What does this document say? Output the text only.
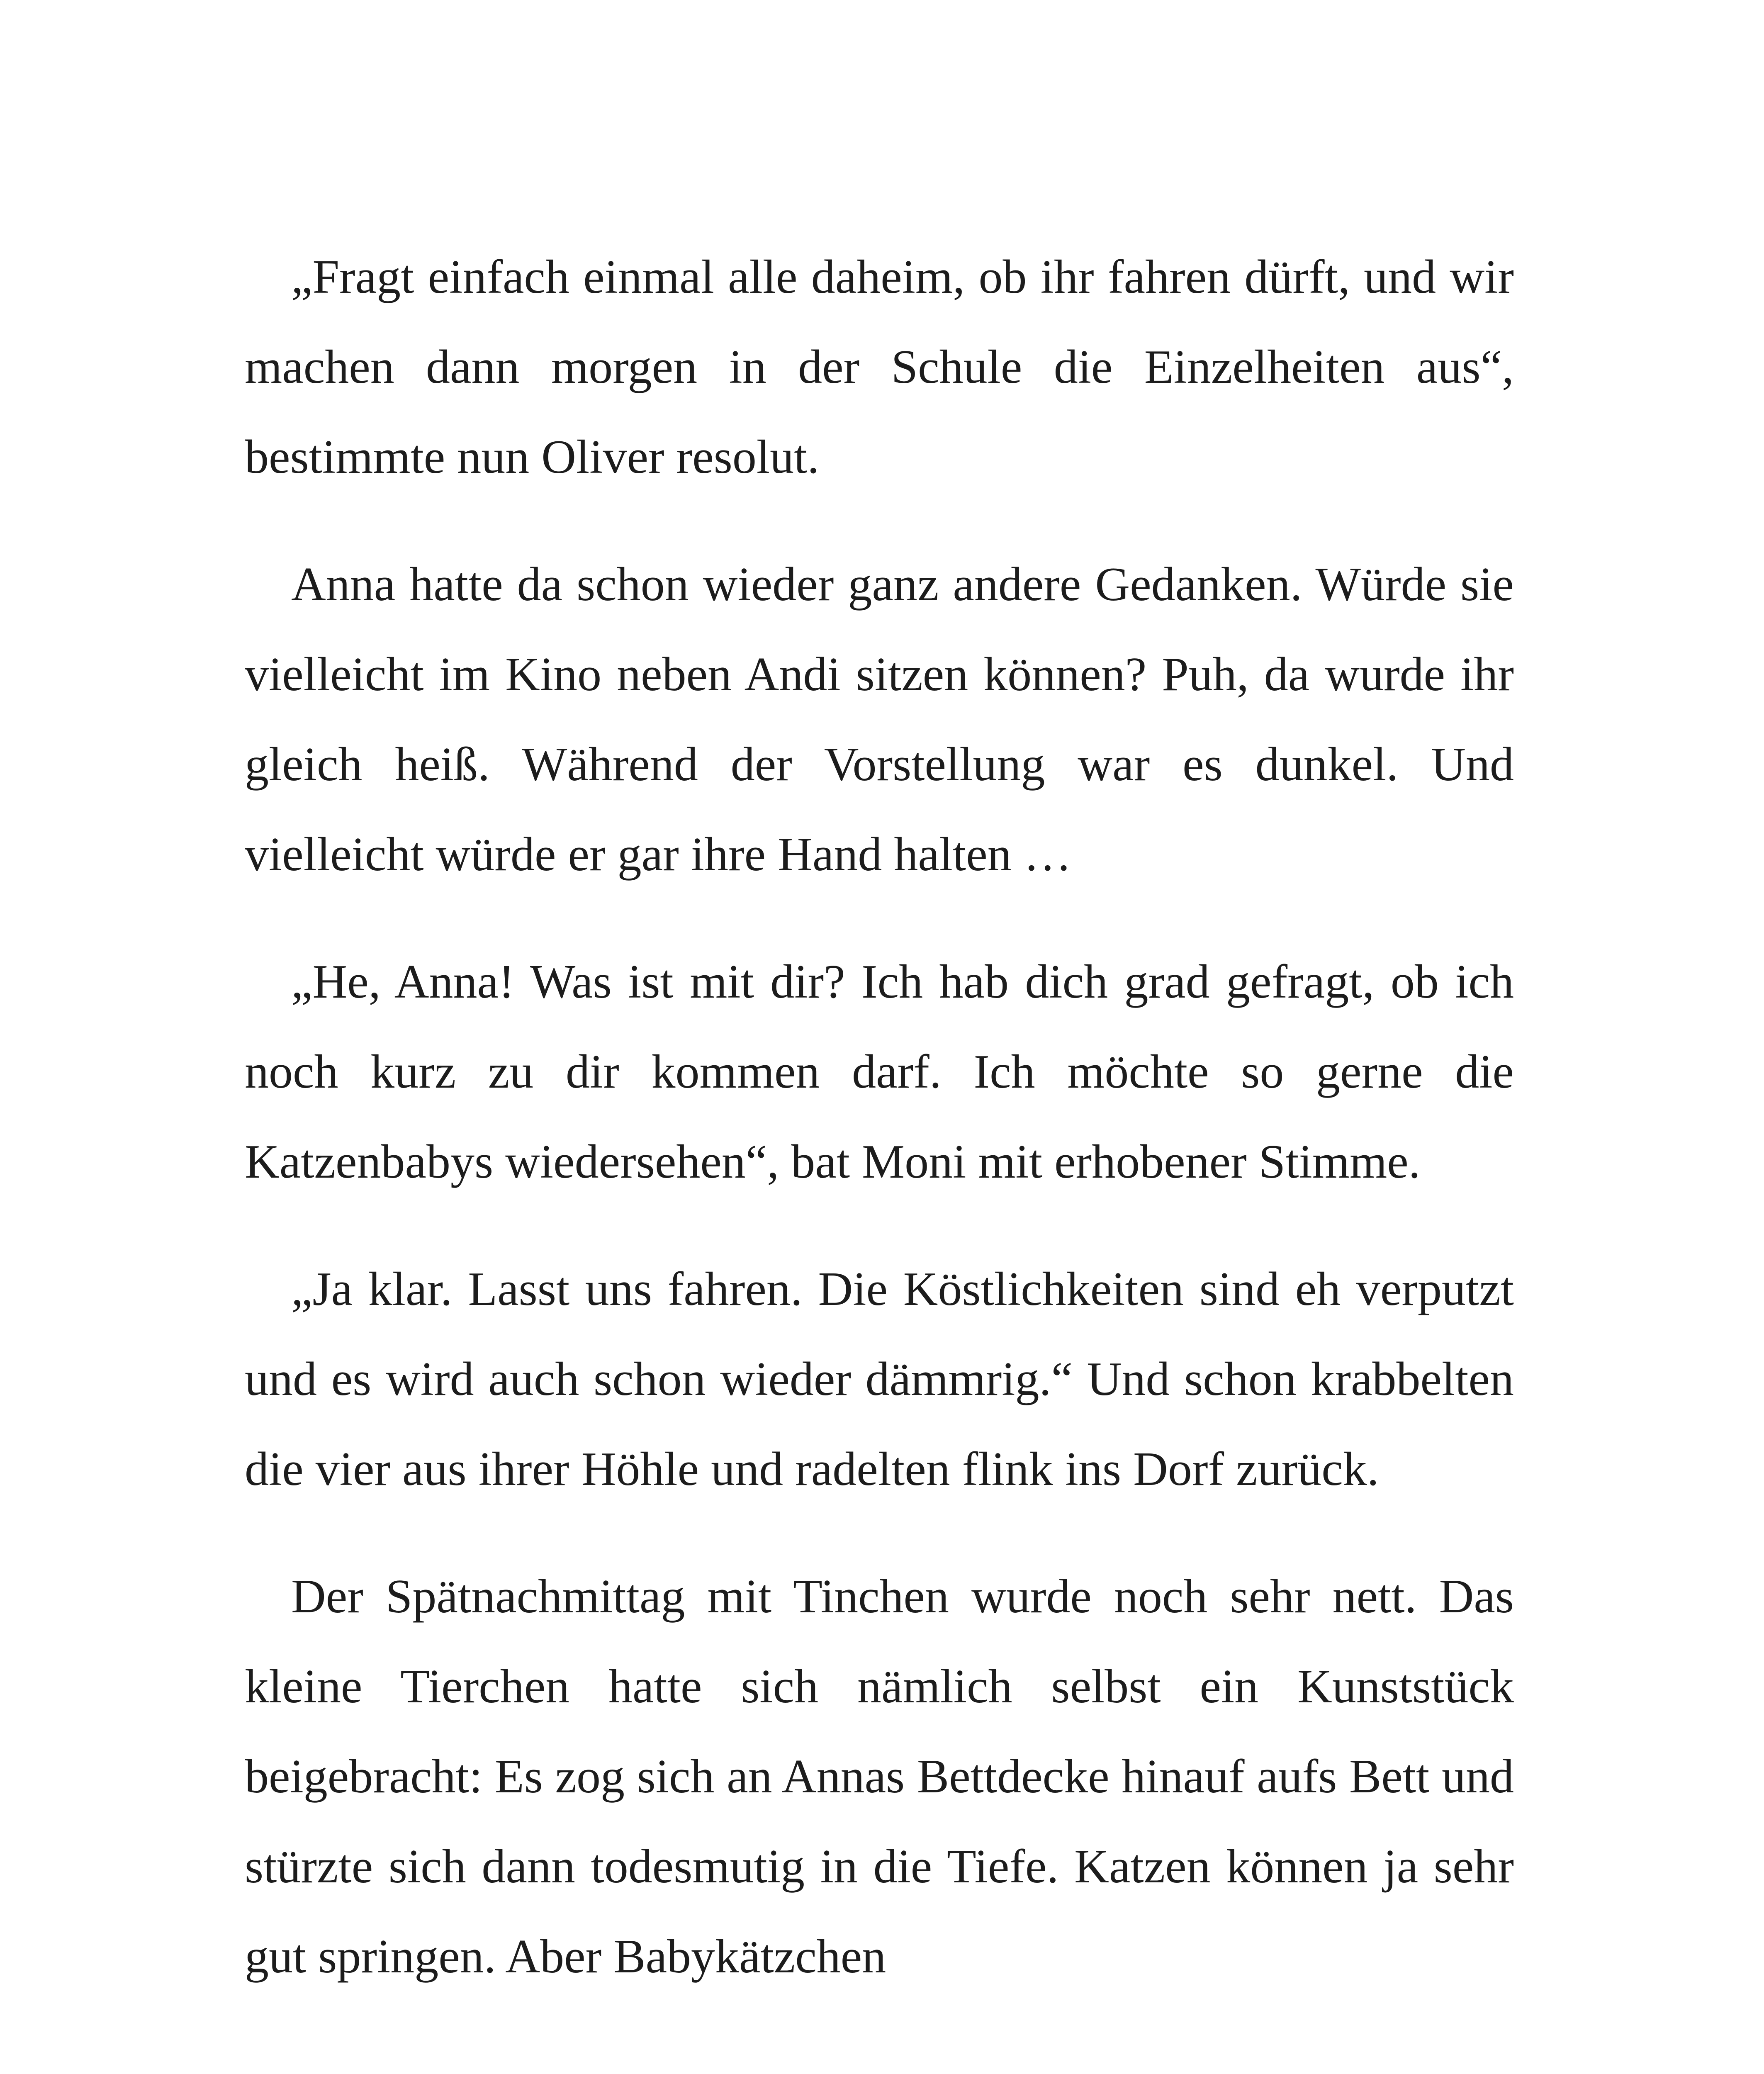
„Fragt einfach einmal alle daheim, ob ihr fahren dürft, und wir machen dann morgen in der Schule die Einzelheiten aus“, bestimmte nun Oliver resolut.

Anna hatte da schon wieder ganz andere Gedanken. Würde sie vielleicht im Kino neben Andi sitzen können? Puh, da wurde ihr gleich heiß. Während der Vorstellung war es dunkel. Und vielleicht würde er gar ihre Hand halten …

„He, Anna! Was ist mit dir? Ich hab dich grad gefragt, ob ich noch kurz zu dir kommen darf. Ich möchte so gerne die Katzenbabys wiedersehen“, bat Moni mit erhobener Stimme.

„Ja klar. Lasst uns fahren. Die Köstlichkeiten sind eh verputzt und es wird auch schon wieder dämmrig.“ Und schon krabbelten die vier aus ihrer Höhle und radelten flink ins Dorf zurück.

Der Spätnachmittag mit Tinchen wurde noch sehr nett. Das kleine Tierchen hatte sich nämlich selbst ein Kunststück beigebracht: Es zog sich an Annas Bettdecke hinauf aufs Bett und stürzte sich dann todesmutig in die Tiefe. Katzen können ja sehr gut springen. Aber Babykätzchen
